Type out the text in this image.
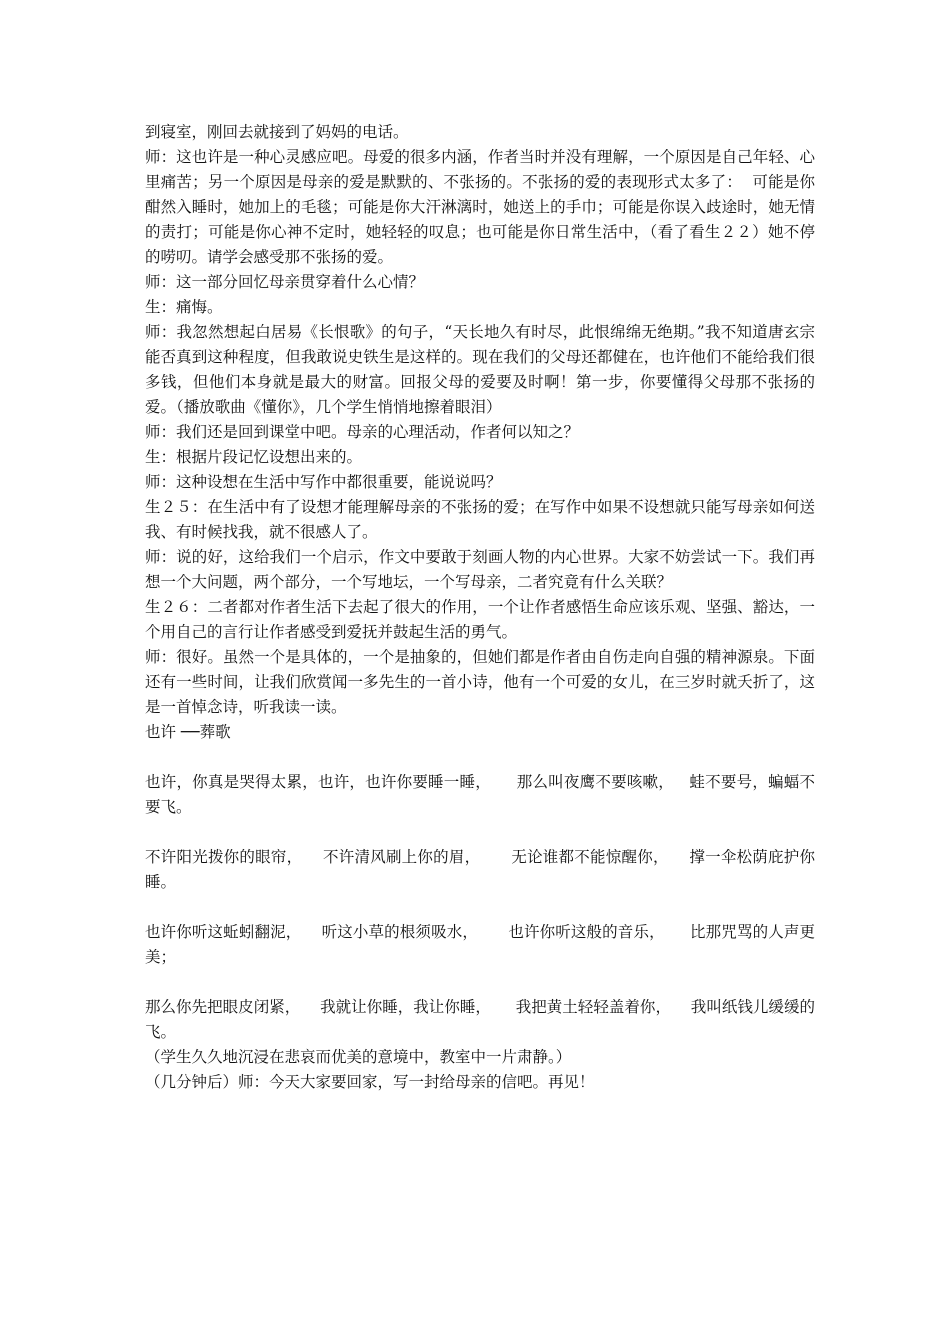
到寝室，刚回去就接到了妈妈的电话。

师：这也许是一种心灵感应吧。母爱的很多内涵，作者当时并没有理解，一个原因是自己年轻、心里痛苦；另一个原因是母亲的爱是默默的、不张扬的。不张扬的爱的表现形式太多了：  可能是你酣然入睡时，她加上的毛毯；可能是你大汗淋漓时，她送上的手巾；可能是你误入歧途时，她无情的责打；可能是你心神不定时，她轻轻的叹息；也可能是你日常生活中，（看了看生２２）她不停的唠叨。请学会感受那不张扬的爱。

师：这一部分回忆母亲贯穿着什么心情？

生：痛悔。

师：我忽然想起白居易《长恨歌》的句子，“天长地久有时尽，此恨绵绵无绝期。”我不知道唐玄宗能否真到这种程度，但我敢说史铁生是这样的。现在我们的父母还都健在，也许他们不能给我们很多钱，但他们本身就是最大的财富。回报父母的爱要及时啊！第一步，你要懂得父母那不张扬的爱。（播放歌曲《懂你》，几个学生悄悄地擦着眼泪）

师：我们还是回到课堂中吧。母亲的心理活动，作者何以知之？

生：根据片段记忆设想出来的。

师：这种设想在生活中写作中都很重要，能说说吗？

生２５：在生活中有了设想才能理解母亲的不张扬的爱；在写作中如果不设想就只能写母亲如何送我、有时候找我，就不很感人了。

师：说的好，这给我们一个启示，作文中要敢于刻画人物的内心世界。大家不妨尝试一下。我们再想一个大问题，两个部分，一个写地坛，一个写母亲，二者究竟有什么关联？

生２６：二者都对作者生活下去起了很大的作用，一个让作者感悟生命应该乐观、坚强、豁达，一个用自己的言行让作者感受到爱抚并鼓起生活的勇气。

师：很好。虽然一个是具体的，一个是抽象的，但她们都是作者由自伤走向自强的精神源泉。下面还有一些时间，让我们欣赏闻一多先生的一首小诗，他有一个可爱的女儿，在三岁时就夭折了，这是一首悼念诗，听我读一读。

也许 ──葬歌

也许，你真是哭得太累，也许，也许你要睡一睡，     那么叫夜鹰不要咳嗽，   蛙不要号，蝙蝠不要飞。

不许阳光拨你的眼帘，    不许清风刷上你的眉，      无论谁都不能惊醒你，    撑一伞松荫庇护你睡。

也许你听这蚯蚓翻泥，    听这小草的根须吸水，      也许你听这般的音乐，     比那咒骂的人声更美；

那么你先把眼皮闭紧，    我就让你睡，我让你睡，     我把黄土轻轻盖着你，    我叫纸钱儿缓缓的飞。

（学生久久地沉浸在悲哀而优美的意境中，教室中一片肃静。）

（几分钟后）师：今天大家要回家，写一封给母亲的信吧。再见！
